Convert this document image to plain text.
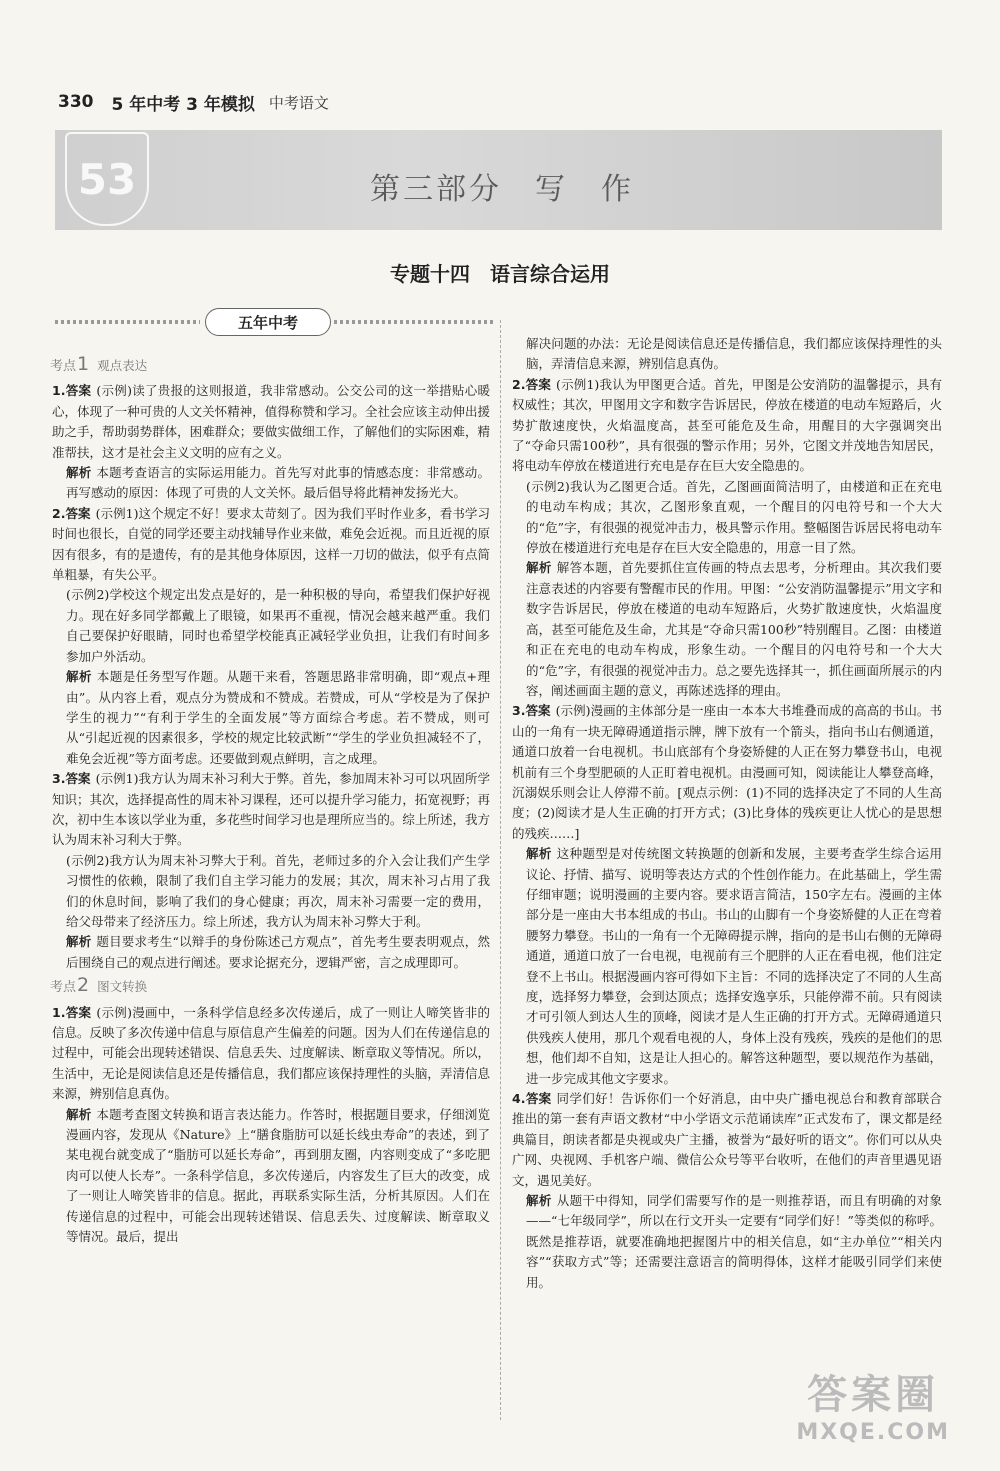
330 5 年中考 3 年模拟 中考语文
53	第三部分　写　作
专题十四　语言综合运用
五年中考
考点 1 观点表达

1.答案 (示例)读了贵报的这则报道，我非常感动。公交公司的这一举措贴心暖心，体现了一种可贵的人文关怀精神，值得称赞和学习。全社会应该主动伸出援助之手，帮助弱势群体，困难群众；要做实做细工作，了解他们的实际困难，精准帮扶，这才是社会主义文明的应有之义。

解析 本题考查语言的实际运用能力。首先写对此事的情感态度：非常感动。再写感动的原因：体现了可贵的人文关怀。最后倡导将此精神发扬光大。

2.答案 (示例1)这个规定不好！要求太苛刻了。因为我们平时作业多，看书学习时间也很长，自觉的同学还要主动找辅导作业来做，难免会近视。而且近视的原因有很多，有的是遗传，有的是其他身体原因，这样一刀切的做法，似乎有点简单粗暴，有失公平。

(示例2)学校这个规定出发点是好的，是一种积极的导向，希望我们保护好视力。现在好多同学都戴上了眼镜，如果再不重视，情况会越来越严重。我们自己要保护好眼睛，同时也希望学校能真正减轻学业负担，让我们有时间多参加户外活动。

解析 本题是任务型写作题。从题干来看，答题思路非常明确，即“观点+理由”。从内容上看，观点分为赞成和不赞成。若赞成，可从“学校是为了保护学生的视力”“有利于学生的全面发展”等方面综合考虑。若不赞成，则可从“引起近视的因素很多，学校的规定比较武断”“学生的学业负担减轻不了，难免会近视”等方面考虑。还要做到观点鲜明，言之成理。

3.答案 (示例1)我方认为周末补习利大于弊。首先，参加周末补习可以巩固所学知识；其次，选择提高性的周末补习课程，还可以提升学习能力，拓宽视野；再次，初中生本该以学业为重，多花些时间学习也是理所应当的。综上所述，我方认为周末补习利大于弊。

(示例2)我方认为周末补习弊大于利。首先，老师过多的介入会让我们产生学习惯性的依赖，限制了我们自主学习能力的发展；其次，周末补习占用了我们的休息时间，影响了我们的身心健康；再次，周末补习需要一定的费用，给父母带来了经济压力。综上所述，我方认为周末补习弊大于利。

解析 题目要求考生“以辩手的身份陈述己方观点”，首先考生要表明观点，然后围绕自己的观点进行阐述。要求论据充分，逻辑严密，言之成理即可。

考点 2 图文转换

1.答案 (示例)漫画中，一条科学信息经多次传递后，成了一则让人啼笑皆非的信息。反映了多次传递中信息与原信息产生偏差的问题。因为人们在传递信息的过程中，可能会出现转述错误、信息丢失、过度解读、断章取义等情况。所以，生活中，无论是阅读信息还是传播信息，我们都应该保持理性的头脑，弄清信息来源，辨别信息真伪。

解析 本题考查图文转换和语言表达能力。作答时，根据题目要求，仔细浏览漫画内容，发现从《Nature》上“膳食脂肪可以延长线虫寿命”的表述，到了某电视台就变成了“脂肪可以延长寿命”，再到朋友圈，内容则变成了“多吃肥肉可以使人长寿”。一条科学信息，多次传递后，内容发生了巨大的改变，成了一则让人啼笑皆非的信息。据此，再联系实际生活，分析其原因。人们在传递信息的过程中，可能会出现转述错误、信息丢失、过度解读、断章取义等情况。最后，提出

解决问题的办法：无论是阅读信息还是传播信息，我们都应该保持理性的头脑，弄清信息来源，辨别信息真伪。

2.答案 (示例1)我认为甲图更合适。首先，甲图是公安消防的温馨提示，具有权威性；其次，甲图用文字和数字告诉居民，停放在楼道的电动车短路后，火势扩散速度快，火焰温度高，甚至可能危及生命，用醒目的大字强调突出了“夺命只需100秒”，具有很强的警示作用；另外，它图文并茂地告知居民，将电动车停放在楼道进行充电是存在巨大安全隐患的。

(示例2)我认为乙图更合适。首先，乙图画面简洁明了，由楼道和正在充电的电动车构成；其次，乙图形象直观，一个醒目的闪电符号和一个大大的“危”字，有很强的视觉冲击力，极具警示作用。整幅图告诉居民将电动车停放在楼道进行充电是存在巨大安全隐患的，用意一目了然。

解析 解答本题，首先要抓住宣传画的特点去思考，分析理由。其次我们要注意表述的内容要有警醒市民的作用。甲图：“公安消防温馨提示”用文字和数字告诉居民，停放在楼道的电动车短路后，火势扩散速度快，火焰温度高，甚至可能危及生命，尤其是“夺命只需100秒”特别醒目。乙图：由楼道和正在充电的电动车构成，形象生动。一个醒目的闪电符号和一个大大的“危”字，有很强的视觉冲击力。总之要先选择其一，抓住画面所展示的内容，阐述画面主题的意义，再陈述选择的理由。

3.答案 (示例)漫画的主体部分是一座由一本本大书堆叠而成的高高的书山。书山的一角有一块无障碍通道指示牌，牌下放有一个箭头，指向书山右侧通道，通道口放着一台电视机。书山底部有个身姿矫健的人正在努力攀登书山，电视机前有三个身型肥硕的人正盯着电视机。由漫画可知，阅读能让人攀登高峰，沉溺娱乐则会让人停滞不前。[观点示例：(1)不同的选择决定了不同的人生高度；(2)阅读才是人生正确的打开方式；(3)比身体的残疾更让人忧心的是思想的残疾……]

解析 这种题型是对传统图文转换题的创新和发展，主要考查学生综合运用议论、抒情、描写、说明等表达方式的个性创作能力。在此基础上，学生需仔细审题；说明漫画的主要内容。要求语言简洁，150字左右。漫画的主体部分是一座由大书本组成的书山。书山的山脚有一个身姿矫健的人正在弯着腰努力攀登。书山的一角有一个无障碍提示牌，指向的是书山右侧的无障碍通道，通道口放了一台电视，电视前有三个肥胖的人正在看电视，他们注定登不上书山。根据漫画内容可得如下主旨：不同的选择决定了不同的人生高度，选择努力攀登，会到达顶点；选择安逸享乐，只能停滞不前。只有阅读才可引领人到达人生的顶峰，阅读才是人生正确的打开方式。无障碍通道只供残疾人使用，那几个观看电视的人，身体上没有残疾，残疾的是他们的思想，他们却不自知，这是让人担心的。解答这种题型，要以规范作为基础，进一步完成其他文字要求。

4.答案 同学们好！告诉你们一个好消息，由中央广播电视总台和教育部联合推出的第一套有声语文教材“中小学语文示范诵读库”正式发布了，课文都是经典篇目，朗读者都是央视或央广主播，被誉为“最好听的语文”。你们可以从央广网、央视网、手机客户端、微信公众号等平台收听，在他们的声音里遇见语文，遇见美好。

解析 从题干中得知，同学们需要写作的是一则推荐语，而且有明确的对象——“七年级同学”，所以在行文开头一定要有“同学们好！”等类似的称呼。既然是推荐语，就要准确地把握图片中的相关信息，如“主办单位”“相关内容”“获取方式”等；还需要注意语言的简明得体，这样才能吸引同学们来使用。

答案圈
MXQE.COM
